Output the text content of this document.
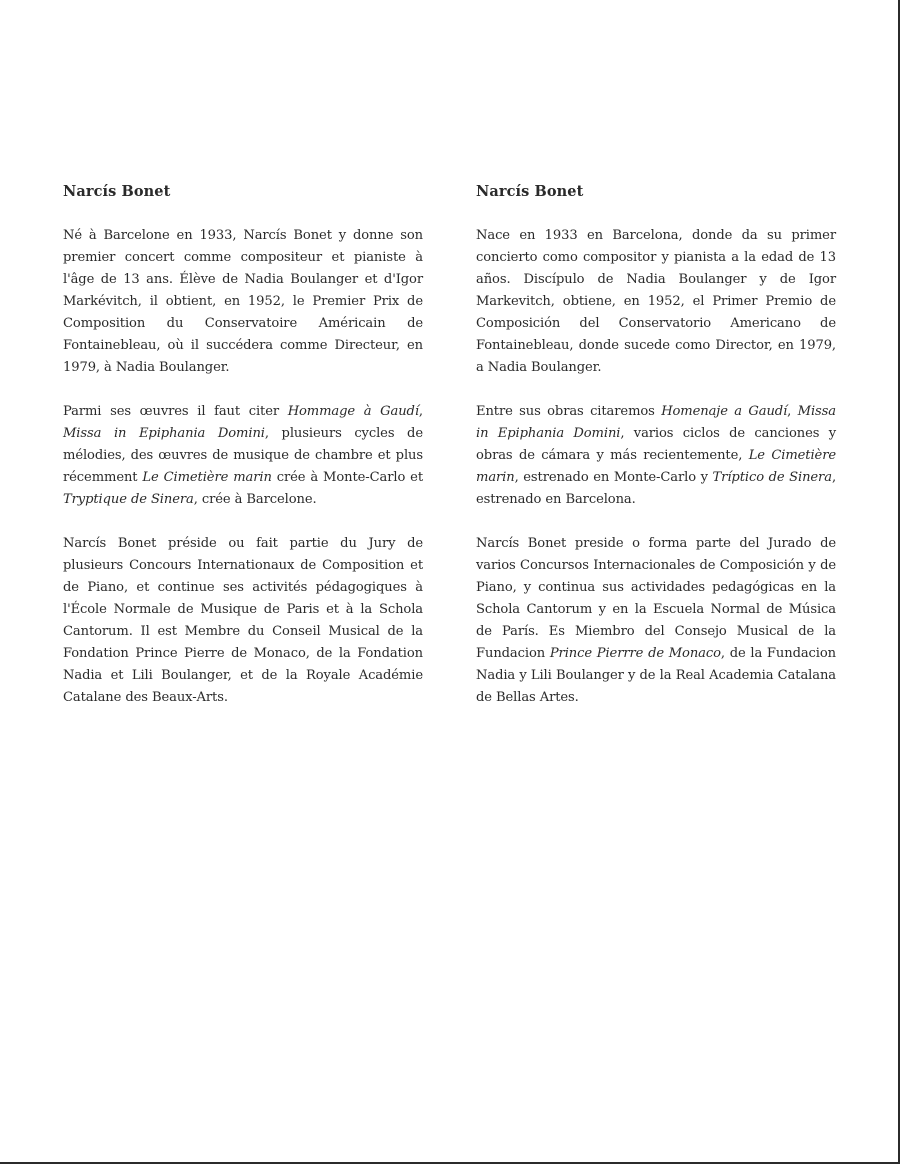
Narcís Bonet

Né à Barcelone en 1933, Narcís Bonet y donne son premier concert comme compositeur et pianiste à l'âge de 13 ans. Élève de Nadia Boulanger et d'Igor Markévitch, il obtient, en 1952, le Premier Prix de Composition du Conservatoire Américain de Fontainebleau, où il succédera comme Directeur, en 1979, à Nadia Boulanger.

Parmi ses œuvres il faut citer Hommage à Gaudí, Missa in Epiphania Domini, plusieurs cycles de mélodies, des œuvres de musique de chambre et plus récemment Le Cimetière marin crée à Monte-Carlo et Tryptique de Sinera, crée à Barcelone.

Narcís Bonet préside ou fait partie du Jury de plusieurs Concours Internationaux de Composition et de Piano, et continue ses activités pédagogiques à l'École Normale de Musique de Paris et à la Schola Cantorum. Il est Membre du Conseil Musical de la Fondation Prince Pierre de Monaco, de la Fondation Nadia et Lili Boulanger, et de la Royale Académie Catalane des Beaux-Arts.

Narcís Bonet

Nace en 1933 en Barcelona, donde da su primer concierto como compositor y pianista a la edad de 13 años. Discípulo de Nadia Boulanger y de Igor Markevitch, obtiene, en 1952, el Primer Premio de Composición del Conservatorio Americano de Fontainebleau, donde sucede como Director, en 1979, a Nadia Boulanger.

Entre sus obras citaremos Homenaje a Gaudí, Missa in Epiphania Domini, varios ciclos de canciones y obras de cámara y más recientemente, Le Cimetière marin, estrenado en Monte-Carlo y Tríptico de Sinera, estrenado en Barcelona.

Narcís Bonet preside o forma parte del Jurado de varios Concursos Internacionales de Composición y de Piano, y continua sus actividades pedagógicas en la Schola Cantorum y en la Escuela Normal de Música de París. Es Miembro del Consejo Musical de la Fundacion Prince Pierrre de Monaco, de la Fundacion Nadia y Lili Boulanger y de la Real Academia Catalana de Bellas Artes.
